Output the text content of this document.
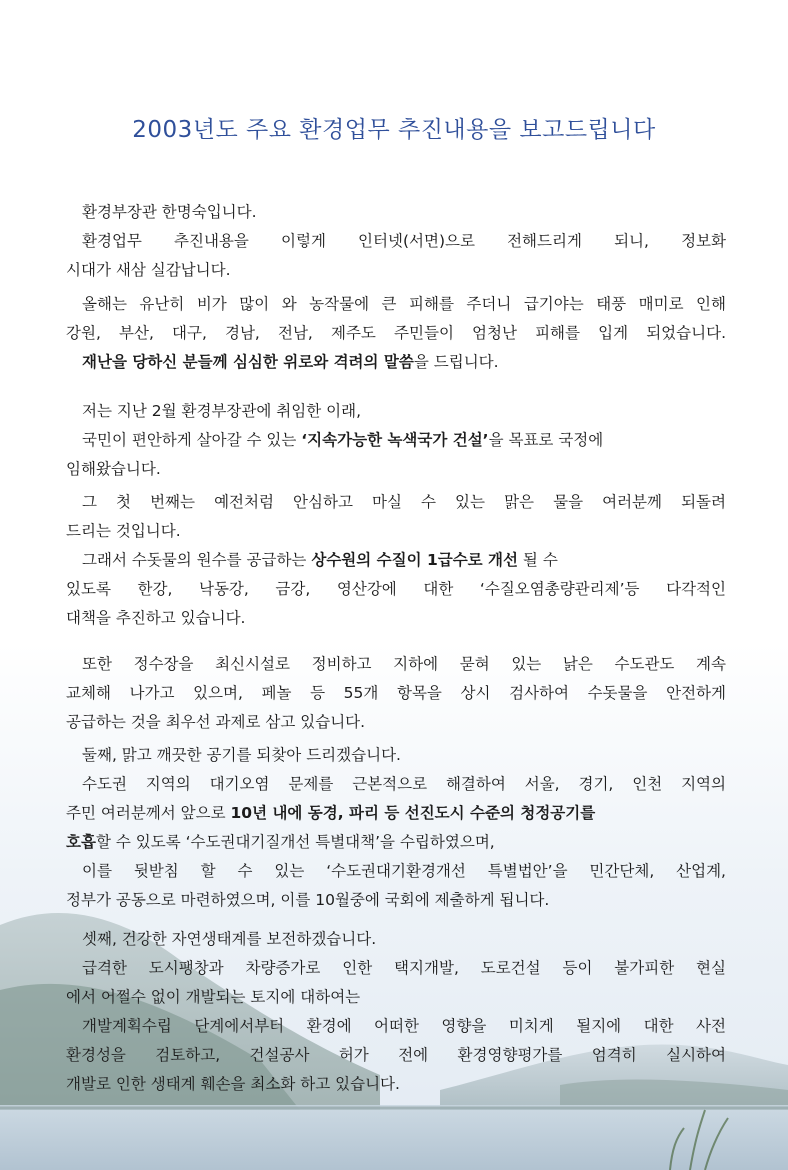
2003년도 주요 환경업무 추진내용을 보고드립니다
환경부장관 한명숙입니다.
환경업무 추진내용을 이렇게 인터넷(서면)으로 전해드리게 되니, 정보화
시대가 새삼 실감납니다.
올해는 유난히 비가 많이 와 농작물에 큰 피해를 주더니 급기야는 태풍 매미로 인해
강원, 부산, 대구, 경남, 전남, 제주도 주민들이 엄청난 피해를 입게 되었습니다.
재난을 당하신 분들께 심심한 위로와 격려의 말씀을 드립니다.
저는 지난 2월 환경부장관에 취임한 이래,
국민이 편안하게 살아갈 수 있는 ‘지속가능한 녹색국가 건설’을 목표로 국정에
임해왔습니다.
그 첫 번째는 예전처럼 안심하고 마실 수 있는 맑은 물을 여러분께 되돌려
드리는 것입니다.
그래서 수돗물의 원수를 공급하는 상수원의 수질이 1급수로 개선 될 수
있도록 한강, 낙동강, 금강, 영산강에 대한 ‘수질오염총량관리제’등 다각적인
대책을 추진하고 있습니다.
또한 정수장을 최신시설로 정비하고 지하에 묻혀 있는 낡은 수도관도 계속
교체해 나가고 있으며, 페놀 등 55개 항목을 상시 검사하여 수돗물을 안전하게
공급하는 것을 최우선 과제로 삼고 있습니다.
둘째, 맑고 깨끗한 공기를 되찾아 드리겠습니다.
수도권 지역의 대기오염 문제를 근본적으로 해결하여 서울, 경기, 인천 지역의
주민 여러분께서 앞으로 10년 내에 동경, 파리 등 선진도시 수준의 청정공기를
호흡할 수 있도록 ‘수도권대기질개선 특별대책’을 수립하였으며,
이를 뒷받침 할 수 있는 ‘수도권대기환경개선 특별법안’을 민간단체, 산업계,
정부가 공동으로 마련하였으며, 이를 10월중에 국회에 제출하게 됩니다.
셋째, 건강한 자연생태계를 보전하겠습니다.
급격한 도시팽창과 차량증가로 인한 택지개발, 도로건설 등이 불가피한 현실
에서 어쩔수 없이 개발되는 토지에 대하여는
개발계획수립 단계에서부터 환경에 어떠한 영향을 미치게 될지에 대한 사전
환경성을 검토하고, 건설공사 허가 전에 환경영향평가를 엄격히 실시하여
개발로 인한 생태계 훼손을 최소화 하고 있습니다.
